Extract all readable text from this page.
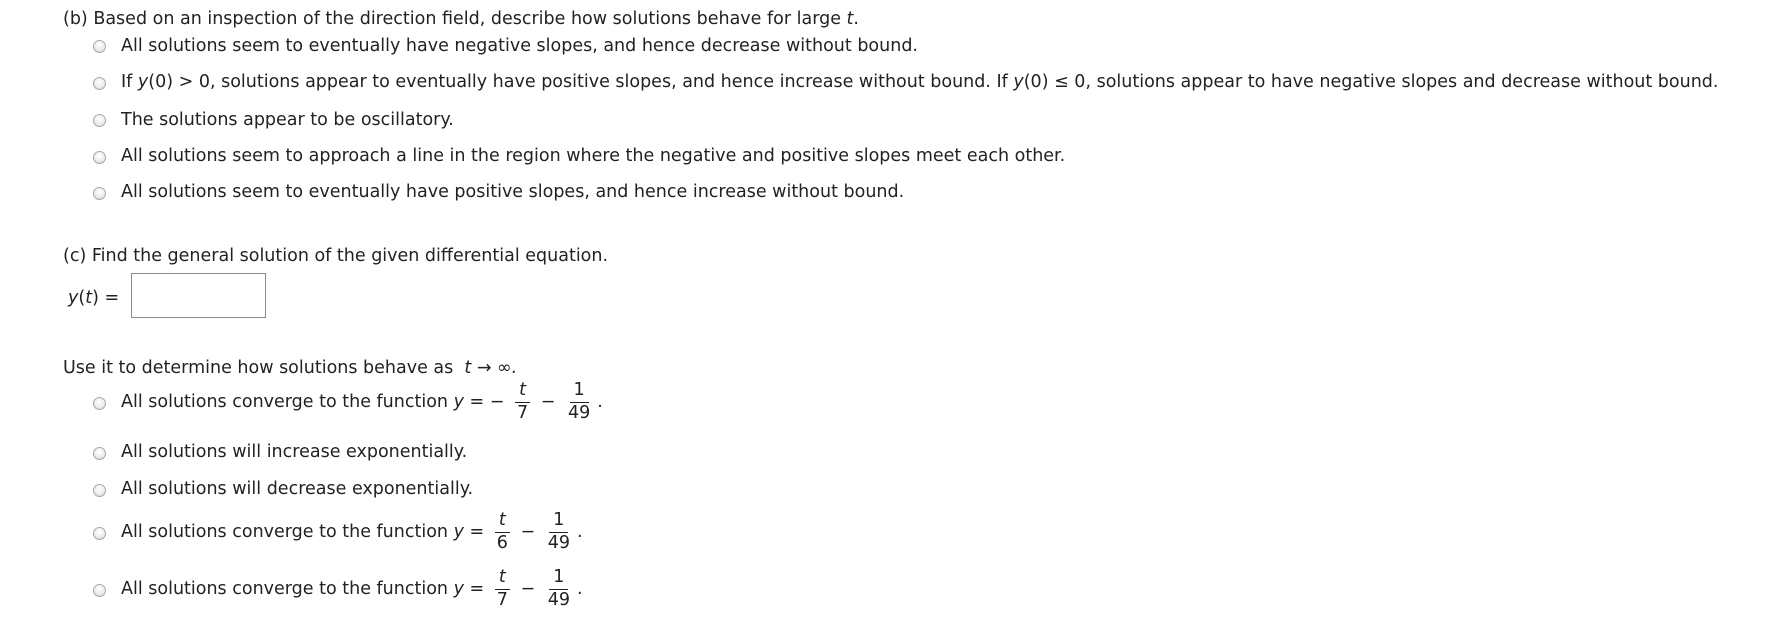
(b) Based on an inspection of the direction field, describe how solutions behave for large t.
All solutions seem to eventually have negative slopes, and hence decrease without bound.
If y(0) > 0, solutions appear to eventually have positive slopes, and hence increase without bound. If y(0) ≤ 0, solutions appear to have negative slopes and decrease without bound.
The solutions appear to be oscillatory.
All solutions seem to approach a line in the region where the negative and positive slopes meet each other.
All solutions seem to eventually have positive slopes, and hence increase without bound.
(c) Find the general solution of the given differential equation.
y(t) =
Use it to determine how solutions behave as t → ∞.
All solutions converge to the function y = − $\frac{t}{7} - \frac{1}{49}$ .
All solutions will increase exponentially.
All solutions will decrease exponentially.
All solutions converge to the function $y = \frac{t}{6} - \frac{1}{49}$ .
All solutions converge to the function $y = \frac{t}{7} - \frac{1}{49}$ .
